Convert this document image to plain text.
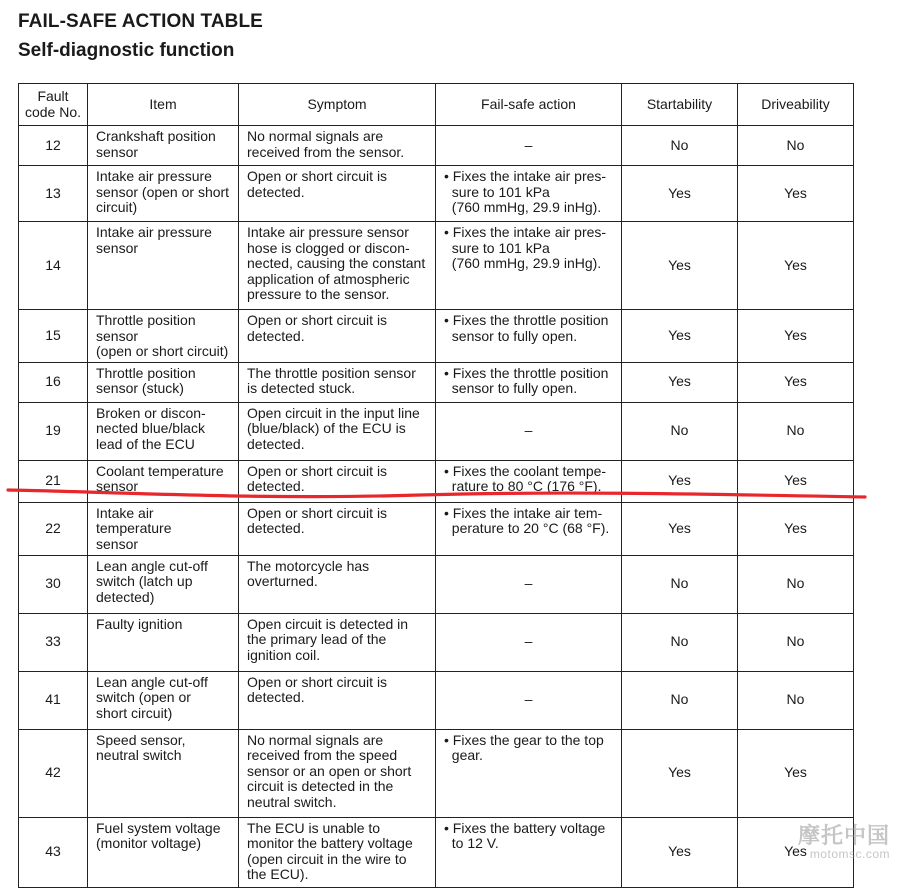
FAIL-SAFE ACTION TABLE
Self-diagnostic function
Fault
code No.	Item	Symptom	Fail-safe action	Startability	Driveability
12	Crankshaft position
sensor	No normal signals are
received from the sensor.	–	No	No
13	Intake air pressure
sensor (open or short
circuit)	Open or short circuit is
detected.	• Fixes the intake air pres-
sure to 101 kPa
(760 mmHg, 29.9 inHg).	Yes	Yes
14	Intake air pressure
sensor	Intake air pressure sensor
hose is clogged or discon-
nected, causing the constant
application of atmospheric
pressure to the sensor.	• Fixes the intake air pres-
sure to 101 kPa
(760 mmHg, 29.9 inHg).	Yes	Yes
15	Throttle position sensor
(open or short circuit)	Open or short circuit is
detected.	• Fixes the throttle position
sensor to fully open.	Yes	Yes
16	Throttle position
sensor (stuck)	The throttle position sensor
is detected stuck.	• Fixes the throttle position
sensor to fully open.	Yes	Yes
19	Broken or discon-
nected blue/black
lead of the ECU	Open circuit in the input line
(blue/black) of the ECU is
detected.	–	No	No
21	Coolant temperature
sensor	Open or short circuit is
detected.	• Fixes the coolant tempe-
rature to 80 °C (176 °F).	Yes	Yes
22	Intake air temperature
sensor	Open or short circuit is
detected.	• Fixes the intake air tem-
perature to 20 °C (68 °F).	Yes	Yes
30	Lean angle cut-off
switch (latch up
detected)	The motorcycle has
overturned.	–	No	No
33	Faulty ignition	Open circuit is detected in
the primary lead of the
ignition coil.	–	No	No
41	Lean angle cut-off
switch (open or
short circuit)	Open or short circuit is
detected.	–	No	No
42	Speed sensor,
neutral switch	No normal signals are
received from the speed
sensor or an open or short
circuit is detected in the
neutral switch.	• Fixes the gear to the top
gear.	Yes	Yes
43	Fuel system voltage
(monitor voltage)	The ECU is unable to
monitor the battery voltage
(open circuit in the wire to
the ECU).	• Fixes the battery voltage
to 12 V.	Yes	Yes
摩托中国
motomsc.com
